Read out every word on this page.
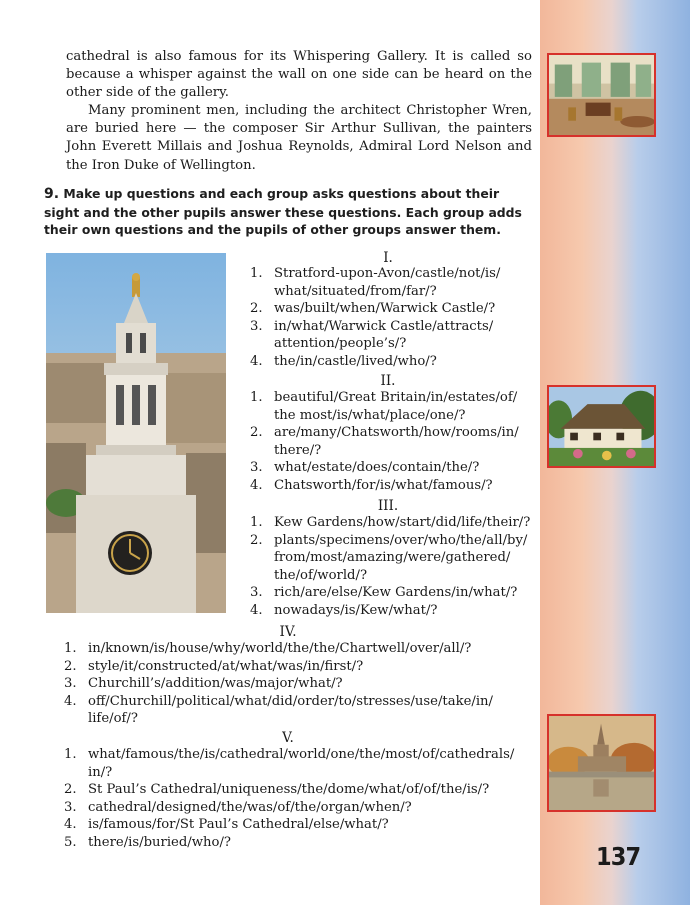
cathedral is also famous for its Whispering Gallery. It is called so because a whisper against the wall on one side can be heard on the other side of the gallery.

Many prominent men, including the architect Christopher Wren, are buried here — the composer Sir Arthur Sullivan, the painters John Everett Millais and Joshua Reynolds, Admiral Lord Nelson and the Iron Duke of Wellington.

9. Make up questions and each group asks questions about their sight and the other pupils answer these questions. Each group adds their own questions and the pupils of other groups answer them.
I.
1. Stratford-upon-Avon/castle/not/is/ what/situated/from/far/?
2. was/built/when/Warwick Castle/?
3. in/what/Warwick Castle/attracts/ attention/people’s/?
4. the/in/castle/lived/who/?
II.
1. beautiful/Great Britain/in/estates/of/ the most/is/what/place/one/?
2. are/many/Chatsworth/how/rooms/in/ there/?
3. what/estate/does/contain/the/?
4. Chatsworth/for/is/what/famous/?
III.
1. Kew Gardens/how/start/did/life/their/?
2. plants/specimens/over/who/the/all/by/ from/most/amazing/were/gathered/ the/of/world/?
3. rich/are/else/Kew Gardens/in/what/?
4. nowadays/is/Kew/what/?
IV.
1. in/known/is/house/why/world/the/the/Chartwell/over/all/?
2. style/it/constructed/at/what/was/in/first/?
3. Churchill’s/addition/was/major/what/?
4. off/Churchill/political/what/did/order/to/stresses/use/take/in/ life/of/?
V.
1. what/famous/the/is/cathedral/world/one/the/most/of/cathedrals/ in/?
2. St Paul’s Cathedral/uniqueness/the/dome/what/of/of/the/is/?
3. cathedral/designed/the/was/of/the/organ/when/?
4. is/famous/for/St Paul’s Cathedral/else/what/?
5. there/is/buried/who/?	137
